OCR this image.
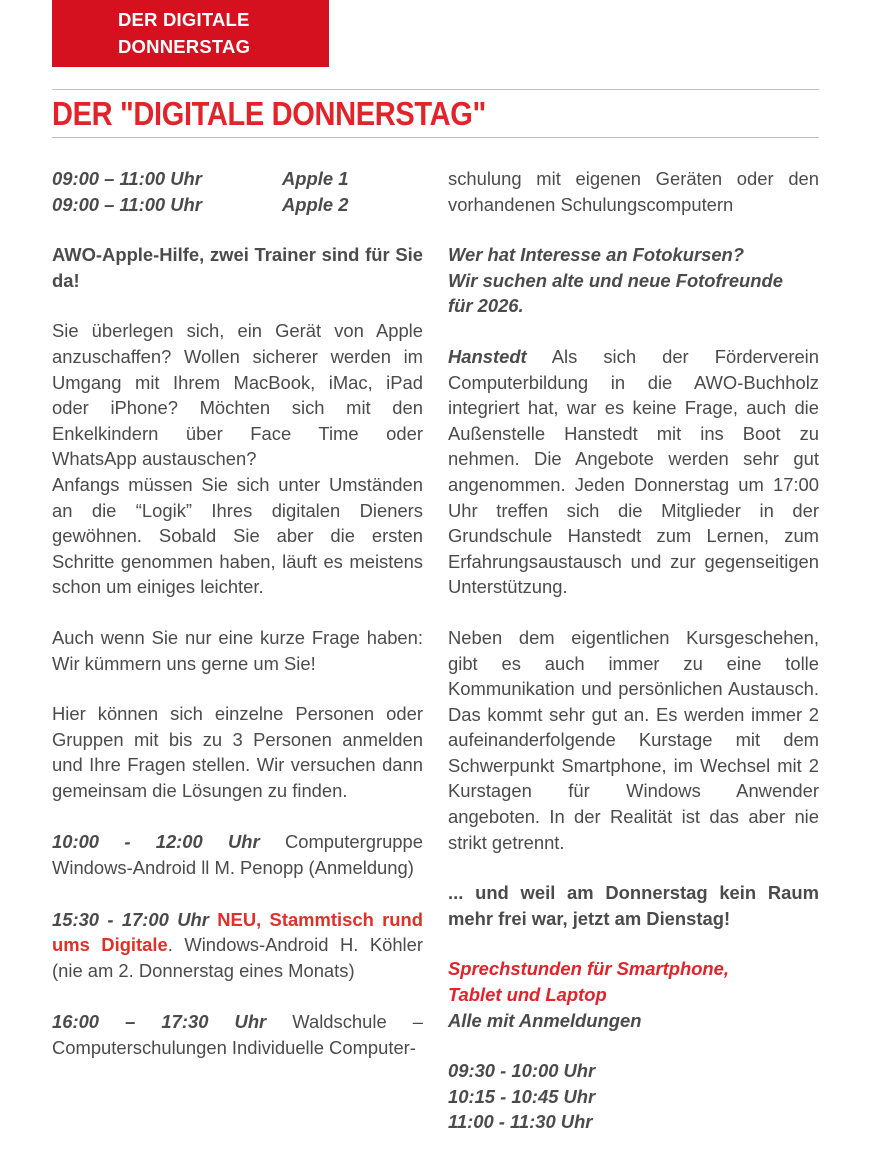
DER DIGITALE
DONNERSTAG
DER "DIGITALE DONNERSTAG"
09:00 – 11:00 Uhr	Apple 1
09:00 – 11:00 Uhr	Apple 2

AWO-Apple-Hilfe, zwei Trainer sind für Sie da!

Sie überlegen sich, ein Gerät von Apple anzuschaffen? Wollen sicherer werden im Umgang mit Ihrem MacBook, iMac, iPad oder iPhone? Möchten sich mit den Enkelkindern über Face Time oder WhatsApp austauschen?

Anfangs müssen Sie sich unter Umständen an die “Logik” Ihres digitalen Dieners gewöhnen. Sobald Sie aber die ersten Schritte genommen haben, läuft es meistens schon um einiges leichter.

Auch wenn Sie nur eine kurze Frage haben: Wir kümmern uns gerne um Sie!

Hier können sich einzelne Personen oder Gruppen mit bis zu 3 Personen anmelden und Ihre Fragen stellen. Wir versuchen dann gemeinsam die Lösungen zu finden.

10:00 - 12:00 Uhr Computergruppe Windows-Android ll M. Penopp (Anmeldung)

15:30 - 17:00 Uhr NEU, Stammtisch rund ums Digitale. Windows-Android H. Köhler (nie am 2. Donnerstag eines Monats)

16:00 – 17:30 Uhr Waldschule – Computerschulungen Individuelle Computer-

schulung mit eigenen Geräten oder den vorhandenen Schulungscomputern

Wer hat Interesse an Fotokursen?

Wir suchen alte und neue Fotofreunde

für 2026.

Hanstedt Als sich der Förderverein Computerbildung in die AWO-Buchholz integriert hat, war es keine Frage, auch die Außenstelle Hanstedt mit ins Boot zu nehmen. Die Angebote werden sehr gut angenommen. Jeden Donnerstag um 17:00 Uhr treffen sich die Mitglieder in der Grundschule Hanstedt zum Lernen, zum Erfahrungsaustausch und zur gegenseitigen Unterstützung.

Neben dem eigentlichen Kursgeschehen, gibt es auch immer zu eine tolle Kommunikation und persönlichen Austausch. Das kommt sehr gut an. Es werden immer 2 aufeinanderfolgende Kurstage mit dem Schwerpunkt Smartphone, im Wechsel mit 2 Kurstagen für Windows Anwender angeboten. In der Realität ist das aber nie strikt getrennt.

... und weil am Donnerstag kein Raum mehr frei war, jetzt am Dienstag!

Sprechstunden für Smartphone,

Tablet und Laptop

Alle mit Anmeldungen

09:30 - 10:00 Uhr

10:15 - 10:45 Uhr

11:00 - 11:30 Uhr
